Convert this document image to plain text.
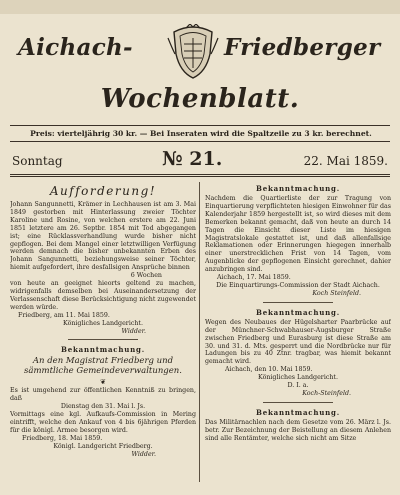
Aichach-	Friedberger
Wochenblatt.
Preis: vierteljährig 30 kr. — Bei Inseraten wird die Spaltzeile zu 3 kr. berechnet.
Sonntag	№ 21.	22. Mai 1859.
Aufforderung!

Johann Sangunnetti, Krämer in Lechhausen ist am 3. Mai 1849 gestorben mit Hinterlassung zweier Töchter Karoline und Rosine, von welchen erstere am 22. Juni 1851 letztere am 26. Septbr. 1854 mit Tod abgegangen ist; eine Rücklassverhandlung wurde bisher nicht gepflogen. Bei dem Mangel einer letztwilligen Verfügung werden demnach die bisher unbekannten Erben des Johann Sangunnetti, beziehungsweise seiner Töchter, hiemit aufgefordert, ihre desfallsigen Ansprüche binnen

6 Wochen

von heute an geeignet hieorts geltend zu machen, widrigenfalls demselben bei Auseinandersetzung der Verlassenschaft diese Berücksichtigung nicht zugewendet werden würde.

Friedberg, am 11. Mai 1859.

Königliches Landgericht.

Widder.

Bekanntmachung.
An den Magistrat Friedberg und sämmtliche Gemeindeverwaltungen.

❦

Es ist umgehend zur öffentlichen Kenntniß zu bringen, daß

Dienstag den 31. Mai l. Js.

Vormittags eine kgl. Aufkaufs-Commission in Mering eintrifft, welche den Ankauf von 4 bis 6jährigen Pferden für die königl. Armee besorgen wird.

Friedberg, 18. Mai 1859.

Königl. Landgericht Friedberg.

Widder.

Bekanntmachung.

Nachdem die Quartierliste der zur Tragung von Einquartierung verpflichteten hiesigen Einwohner für das Kalenderjahr 1859 hergestellt ist, so wird dieses mit dem Bemerken bekannt gemacht, daß von heute an durch 14 Tagen die Einsicht dieser Liste im hiesigen Magistratslokale gestattet ist, und daß allenfallsige Reklamationen oder Erinnerungen hiegegen innerhalb einer unerstrecklichen Frist von 14 Tagen, vom Augenblicke der gepflogenen Einsicht gerechnet, dahier anzubringen sind.

Aichach, 17. Mai 1859.

Die Einquartirungs-Commission der Stadt Aichach.

Koch Steinfeld.

Bekanntmachung.

Wegen des Neubaues der Hügelsharter Paarbrücke auf der Münchner-Schwabhauser-Augsburger Straße zwischen Friedberg und Eurasburg ist diese Straße am 30. und 31. d. Mts. gesperrt und die Nordbrücke nur für Ladungen bis zu 40 Ztnr. tragbar, was hiemit bekannt gemacht wird.

Aichach, den 10. Mai 1859.

Königliches Landgericht.

D. I. a.

Koch-Steinfeld.

Bekanntmachung.

Das Militärnachlen nach dem Gesetze vom 26. März l. Js. betr. Zur Bezeichnung der Beistellung an diesem Anlehen sind alle Rentämter, welche sich nicht am Sitze
